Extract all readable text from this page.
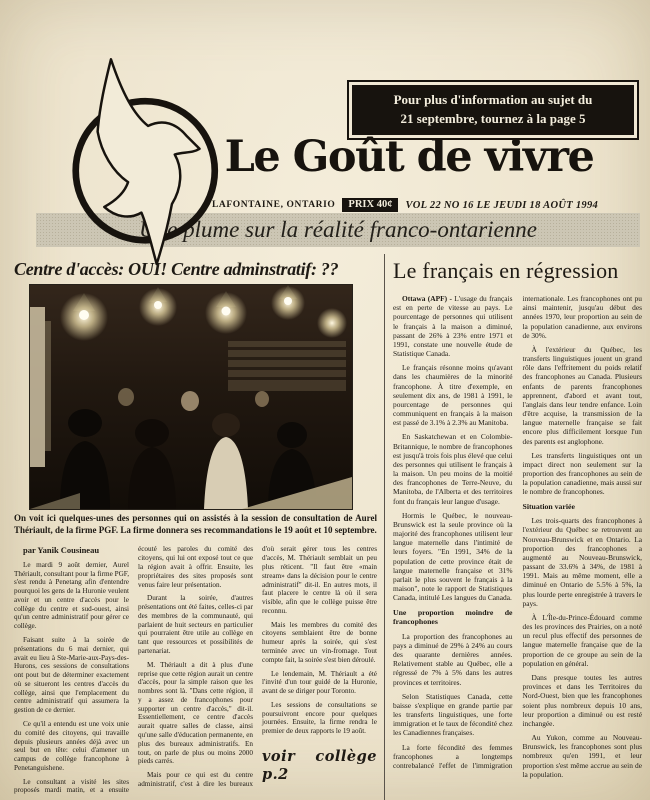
Pour plus d'information au sujet du
21 septembre, tournez à la page 5
Le Goût de vivre
LAFONTAINE, ONTARIO	PRIX 40¢	VOL 22 NO 16 LE JEUDI 18 AOÛT 1994
Une plume sur la réalité franco-ontarienne
Centre d'accès: OUI! Centre adminstratif: ??

On voit ici quelques-unes des personnes qui on assistés à la session de consultation de Aurel Thériault, de la firme PGF. La firme donnera ses recommandations le 19 août et 10 septembre.

par Yanik Cousineau

Le mardi 9 août dernier, Aurel Thériault, consultant pour la firme PGF, s'est rendu à Penetang afin d'entendre pourquoi les gens de la Huronie veulent avoir et un centre d'accès pour le collège du centre et sud-ouest, ainsi qu'un centre administratif pour gérer ce collège.

Faisant suite à la soirée de présentations du 6 mai dernier, qui avait eu lieu à Ste-Marie-aux-Pays-des-Hurons, ces sessions de consultations ont pout but de déterminer exactement où se situeront les centres d'accès du collège, ainsi que l'emplacement du centre administratif qui assumera la gestion de ce dernier.

Ce qu'il a entendu est une voix unie du comité des citoyens, qui travaille depuis plusieurs années déjà avec un seul but en tête: celui d'amener un campus de collège francophone à Penetanguishene.

Le consultant a visité les sites proposés mardi matin, et a ensuite écouté les paroles du comité des citoyens, qui lui ont exposé tout ce que la région avait à offrir. Ensuite, les propriétaires des sites proposés sont venus faire leur présentation.

Durant la soirée, d'autres présentations ont été faites, celles-ci par des membres de la communauté, qui parlaient de huit secteurs en particulier qui pourraient être utile au collège en tant que ressources et possibilités de partenariat.

M. Thériault a dit à plus d'une reprise que cette région aurait un centre d'accès, pour la simple raison que les nombres sont là. "Dans cette région, il y a assez de francophones pour supporter un centre d'accès," dit-il. Essentiellement, ce centre d'accès aurait quatre salles de classe, ainsi qu'une salle d'éducation permanente, en plus des bureaux administratifs. En tout, on parle de plus ou moins 2000 pieds carrés.

Mais pour ce qui est du centre administratif, c'est à dire les bureaux d'où serait gérer tous les centres d'accès, M. Thériault semblait un peu plus réticent. "Il faut être «main stream» dans la décision pour le centre administratif" dit-il. En autres mots, il faut placere le centre là où il sera visible, afin que le collège puisse être reconnu.

Mais les membres du comité des citoyens semblaient être de bonne humeur après la soirée, qui s'est terminée avec un vin-fromage. Tout compte fait, la soirée s'est bien déroulé.

Le lendemain, M. Thériault a été l'invité d'un tour guidé de la Huronie, avant de se diriger pour Toronto.

Les sessions de consultations se poursuivront encore pour quelques journées. Ensuite, la firme rendra le premier de deux rapports le 19 août.

voir collège p.2
Le français en régression

Ottawa (APF) - L'usage du français est en perte de vitesse au pays. Le pourcentage de personnes qui utilisent le français à la maison a diminué, passant de 26% à 23% entre 1971 et 1991, constate une nouvelle étude de Statistique Canada.

Le français résonne moins qu'avant dans les chaumières de la minorité francophone. À titre d'exemple, en seulement dix ans, de 1981 à 1991, le pourcentage de personnes qui communiquent en français à la maison est passé de 3.1% à 2.3% au Manitoba.

En Saskatchewan et en Colombie-Britannique, le nombre de francophones est jusqu'à trois fois plus élevé que celui des personnes qui utilisent le français à la maison. Un peu moins de la moitié des francophones de Terre-Neuve, du Manitoba, de l'Alberta et des territoires font du français leur langue d'usage.

Hormis le Québec, le nouveau-Brunswick est la seule province où la majorité des francophones utilisent leur langue maternelle dans l'intimité de leurs foyers. "En 1991, 34% de la population de cette province était de langue maternelle française et 31% parlait le plus souvent le français à la maison", note le rapport de Statistiques Canada, intitulé Les langues du Canada.

Une proportion moindre de francophones

La proportion des francophones au pays a diminué de 29% à 24% au cours des quarante dernières années. Relativement stable au Québec, elle a régressé de 7% à 5% dans les autres provinces et territoires.

Selon Statistiques Canada, cette baisse s'explique en grande partie par les transferts linguistiques, une forte immigration et le taux de fécondité chez les Canadiennes françaises.

La forte fécondité des femmes francophones a longtemps contrebalancé l'effet de l'immigration internationale. Les francophones ont pu ainsi maintenir, jusqu'au début des années 1970, leur proportion au sein de la population canadienne, aux environs de 30%.

À l'extérieur du Québec, les transferts linguistiques jouent un grand rôle dans l'effritement du poids relatif des francophones au Canada. Plusieurs enfants de parents francophones apprennent, d'abord et avant tout, l'anglais dans leur tendre enfance. Loin d'être acquise, la transmission de la langue maternelle française se fait encore plus difficilement lorsque l'un des parents est anglophone.

Les transferts linguistiques ont un impact direct non seulement sur la proportion des francophones au sein de la population canadienne, mais aussi sur le nombre de francophones.

Situation variée

Les trois-quarts des francophones à l'extérieur du Québec se retrouvent au Nouveau-Brunswick et en Ontario. La proportion des francophones a augmenté au Nouveau-Brunswick, passant de 33.6% à 34%, de 1981 à 1991. Mais au même moment, elle a diminué en Ontario de 5.5% à 5%, la plus lourde perte enregistrée à travers le pays.

À L'Île-du-Prince-Édouard comme des les provinces des Prairies, on a noté un recul plus effectif des personnes de langue maternelle française que de la proportion de ce groupe au sein de la population en général.

Dans presque toutes les autres provinces et dans les Territoires du Nord-Ouest, bien que les francophones soient plus nombreux depuis 10 ans, leur proportion a diminué ou est resté inchangée.

Au Yukon, comme au Nouveau-Brunswick, les francophones sont plus nombreux qu'en 1991, et leur proportion s'est même accrue au sein de la population.
